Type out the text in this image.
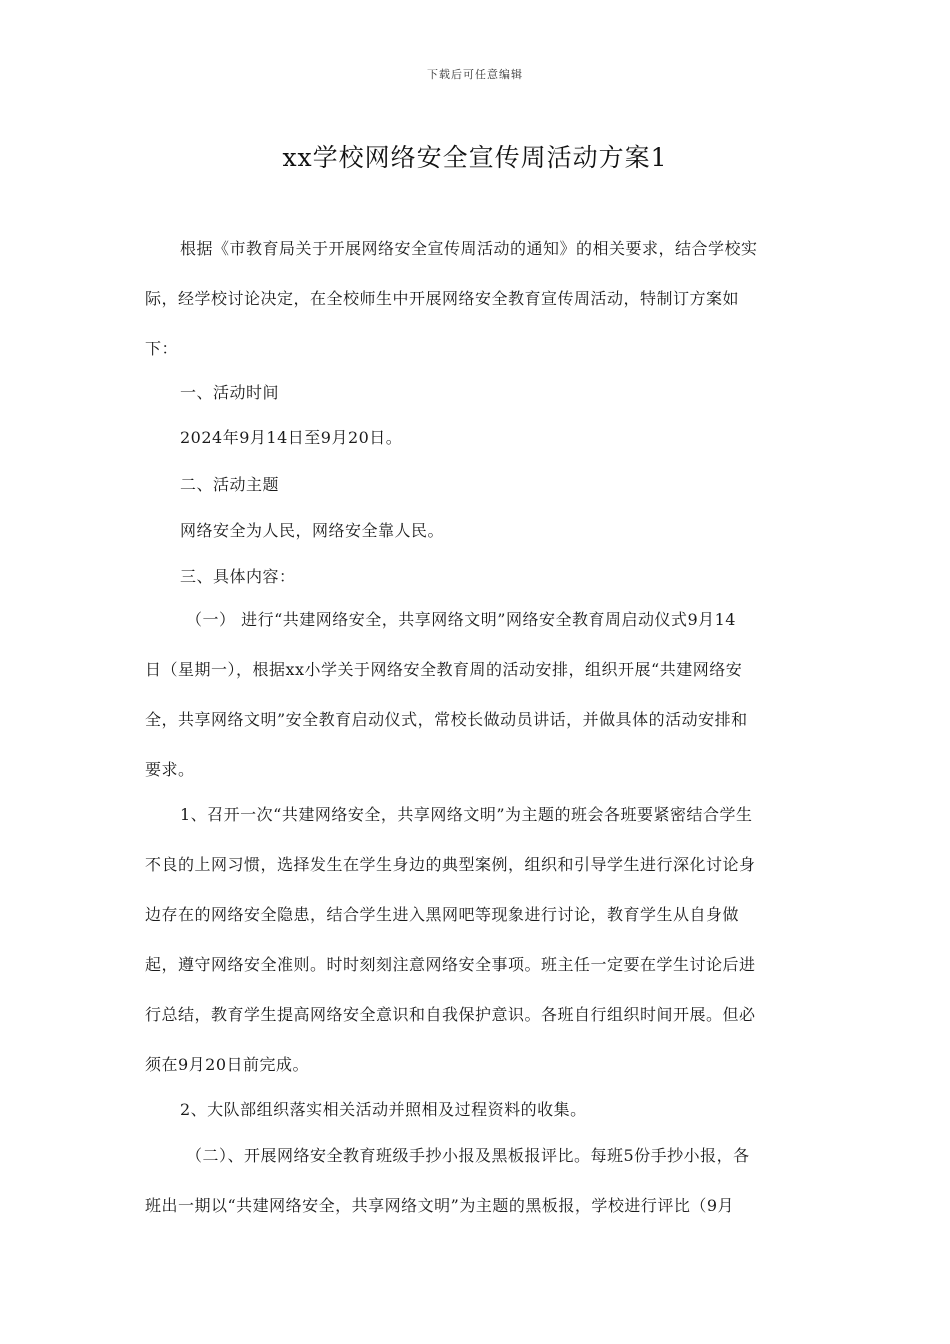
下载后可任意编辑
xx学校网络安全宣传周活动方案1
根据《市教育局关于开展网络安全宣传周活动的通知》的相关要求，结合学校实
际，经学校讨论决定，在全校师生中开展网络安全教育宣传周活动，特制订方案如
下：
一、活动时间
2024年9月14日至9月20日。
二、活动主题
网络安全为人民，网络安全靠人民。
三、具体内容：
（一） 进行“共建网络安全，共享网络文明”网络安全教育周启动仪式9月14
日（星期一），根据xx小学关于网络安全教育周的活动安排，组织开展“共建网络安
全，共享网络文明”安全教育启动仪式，常校长做动员讲话，并做具体的活动安排和
要求。
1、召开一次“共建网络安全，共享网络文明”为主题的班会各班要紧密结合学生
不良的上网习惯，选择发生在学生身边的典型案例，组织和引导学生进行深化讨论身
边存在的网络安全隐患，结合学生进入黑网吧等现象进行讨论，教育学生从自身做
起，遵守网络安全准则。时时刻刻注意网络安全事项。班主任一定要在学生讨论后进
行总结，教育学生提高网络安全意识和自我保护意识。各班自行组织时间开展。但必
须在9月20日前完成。
2、大队部组织落实相关活动并照相及过程资料的收集。
（二）、开展网络安全教育班级手抄小报及黑板报评比。每班5份手抄小报，各
班出一期以“共建网络安全，共享网络文明”为主题的黑板报，学校进行评比（9月
